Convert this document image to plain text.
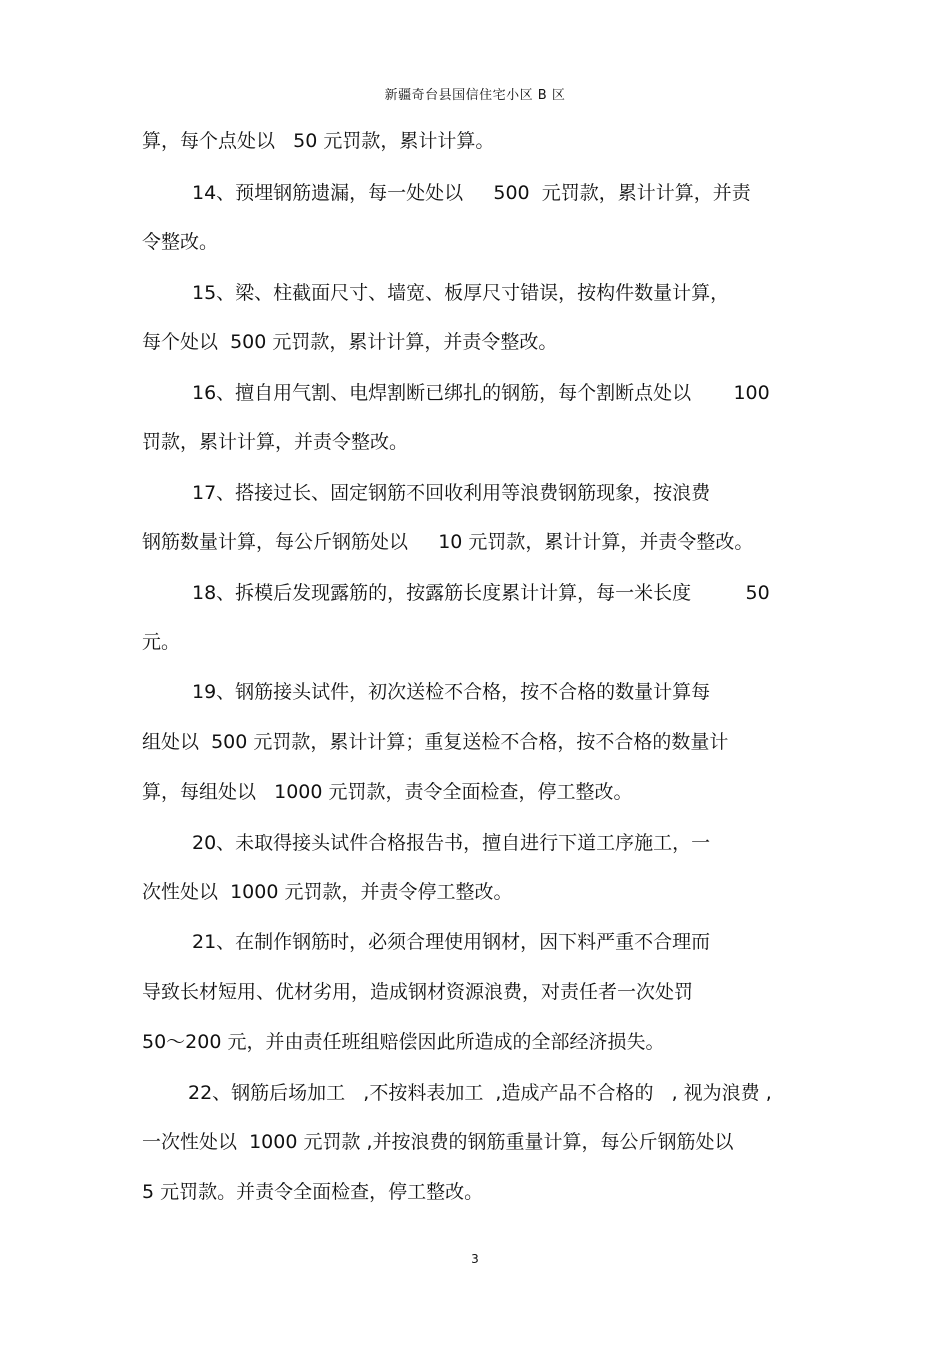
新疆奇台县国信住宅小区 B 区
算，每个点处以   50 元罚款，累计计算。
14、预埋钢筋遗漏，每一处处以     500  元罚款，累计计算，并责
令整改。
15、梁、柱截面尺寸、墙宽、板厚尺寸错误，按构件数量计算，
每个处以  500 元罚款，累计计算，并责令整改。
16、擅自用气割、电焊割断已绑扎的钢筋，每个割断点处以       100
罚款，累计计算，并责令整改。
17、搭接过长、固定钢筋不回收利用等浪费钢筋现象，按浪费
钢筋数量计算，每公斤钢筋处以     10 元罚款，累计计算，并责令整改。
18、拆模后发现露筋的，按露筋长度累计计算，每一米长度         50
元。
19、钢筋接头试件，初次送检不合格，按不合格的数量计算每
组处以  500 元罚款，累计计算；重复送检不合格，按不合格的数量计
算，每组处以   1000 元罚款，责令全面检查，停工整改。
20、未取得接头试件合格报告书，擅自进行下道工序施工，一
次性处以  1000 元罚款，并责令停工整改。
21、在制作钢筋时，必须合理使用钢材，因下料严重不合理而
导致长材短用、优材劣用，造成钢材资源浪费，对责任者一次处罚
50～200 元，并由责任班组赔偿因此所造成的全部经济损失。
22、钢筋后场加工   ,不按料表加工  ,造成产品不合格的   , 视为浪费 ,
一次性处以  1000 元罚款 ,并按浪费的钢筋重量计算，每公斤钢筋处以
5 元罚款。并责令全面检查，停工整改。
3
